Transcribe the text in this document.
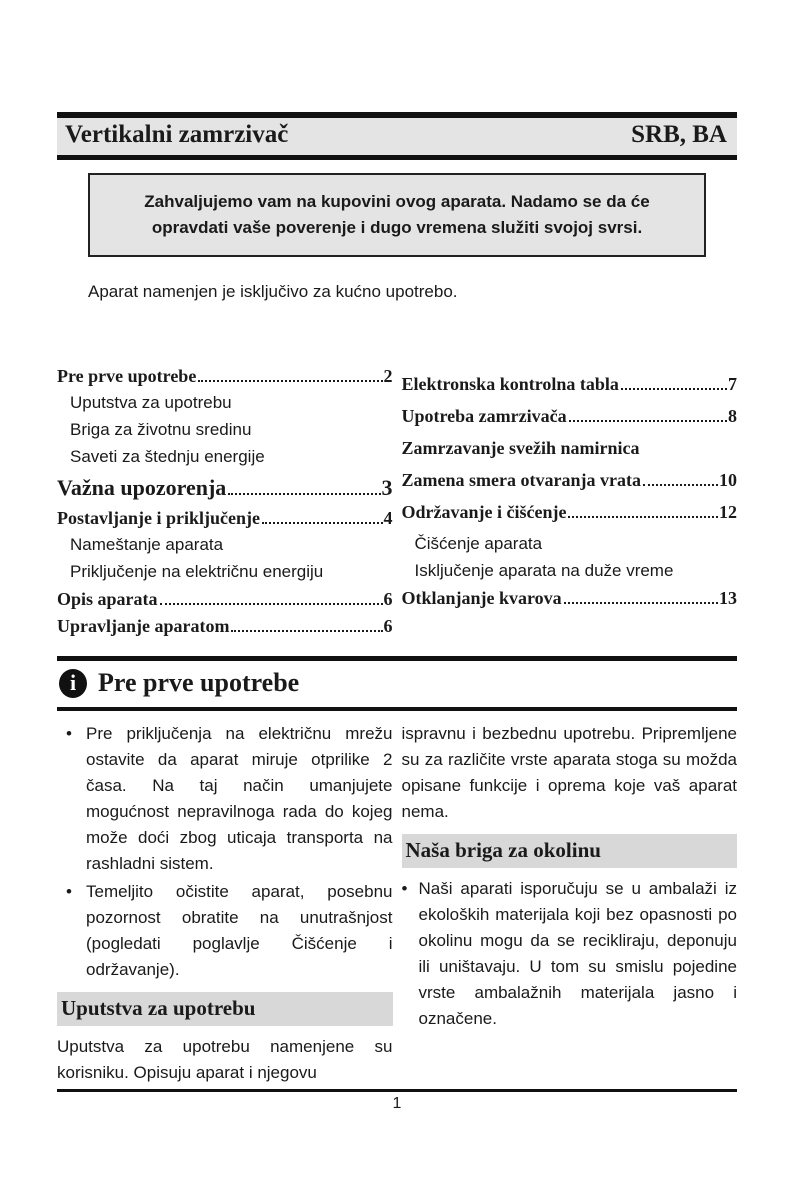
Vertikalni zamrzivač	SRB, BA
Zahvaljujemo vam na kupovini ovog aparata. Nadamo se da će opravdati vaše poverenje i dugo vremena služiti svojoj svrsi.

Aparat namenjen je isključivo za kućno upotrebo.

Pre prve upotrebe	2
Uputstva za upotrebu
Briga za životnu sredinu
Saveti za štednju energije
Važna upozorenja	3
Postavljanje i priključenje	4
Nameštanje aparata
Priključenje na električnu energiju
Opis aparata	6
Upravljanje aparatom	6
Elektronska kontrolna tabla	7
Upotreba zamrzivača	8
Zamrzavanje svežih namirnica
Zamena smera otvaranja vrata	10
Održavanje i čišćenje	12
Čišćenje aparata
Isključenje aparata na duže vreme
Otklanjanje kvarova	13
i Pre prve upotrebe

• Pre priključenja na električnu mrežu ostavite da aparat miruje otprilike 2 časa. Na taj način umanjujete mogućnost nepravilnoga rada do kojeg može doći zbog uticaja transporta na rashladni sistem.

• Temeljito očistite aparat, posebnu pozornost obratite na unutrašnjost (pogledati poglavlje Čišćenje i održavanje).

Uputstva za upotrebu

Uputstva za upotrebu namenjene su korisniku. Opisuju aparat i njegovu

ispravnu i bezbednu upotrebu. Pripremljene su za različite vrste aparata stoga su možda opisane funkcije i oprema koje vaš aparat nema.

Naša briga za okolinu

• Naši aparati isporučuju se u ambalaži iz ekoloških materijala koji bez opasnosti po okolinu mogu da se recikliraju, deponuju ili uništavaju. U tom su smislu pojedine vrste ambalažnih materijala jasno i označene.

1
